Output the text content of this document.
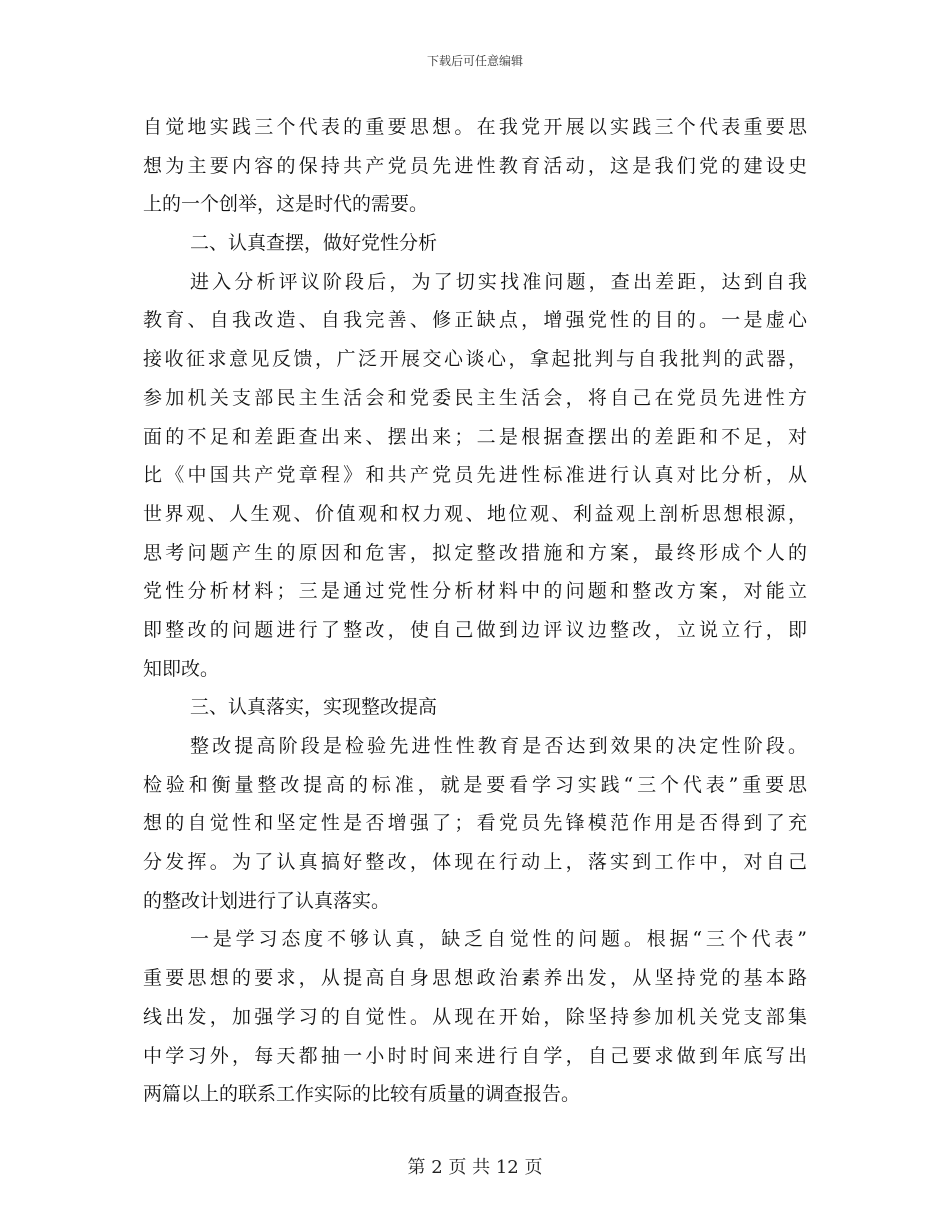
下载后可任意编辑
自觉地实践三个代表的重要思想。在我党开展以实践三个代表重要思
想为主要内容的保持共产党员先进性教育活动，这是我们党的建设史
上的一个创举，这是时代的需要。
二、认真查摆，做好党性分析
进入分析评议阶段后，为了切实找准问题，查出差距，达到自我
教育、自我改造、自我完善、修正缺点，增强党性的目的。一是虚心
接收征求意见反馈，广泛开展交心谈心，拿起批判与自我批判的武器，
参加机关支部民主生活会和党委民主生活会，将自己在党员先进性方
面的不足和差距查出来、摆出来；二是根据查摆出的差距和不足，对
比《中国共产党章程》和共产党员先进性标准进行认真对比分析，从
世界观、人生观、价值观和权力观、地位观、利益观上剖析思想根源，
思考问题产生的原因和危害，拟定整改措施和方案，最终形成个人的
党性分析材料；三是通过党性分析材料中的问题和整改方案，对能立
即整改的问题进行了整改，使自己做到边评议边整改，立说立行，即
知即改。
三、认真落实，实现整改提高
整改提高阶段是检验先进性性教育是否达到效果的决定性阶段。
检验和衡量整改提高的标准，就是要看学习实践“三个代表”重要思
想的自觉性和坚定性是否增强了；看党员先锋模范作用是否得到了充
分发挥。为了认真搞好整改，体现在行动上，落实到工作中，对自己
的整改计划进行了认真落实。
一是学习态度不够认真，缺乏自觉性的问题。根据“三个代表”
重要思想的要求，从提高自身思想政治素养出发，从坚持党的基本路
线出发，加强学习的自觉性。从现在开始，除坚持参加机关党支部集
中学习外，每天都抽一小时时间来进行自学，自己要求做到年底写出
两篇以上的联系工作实际的比较有质量的调查报告。
第 2 页 共 12 页
